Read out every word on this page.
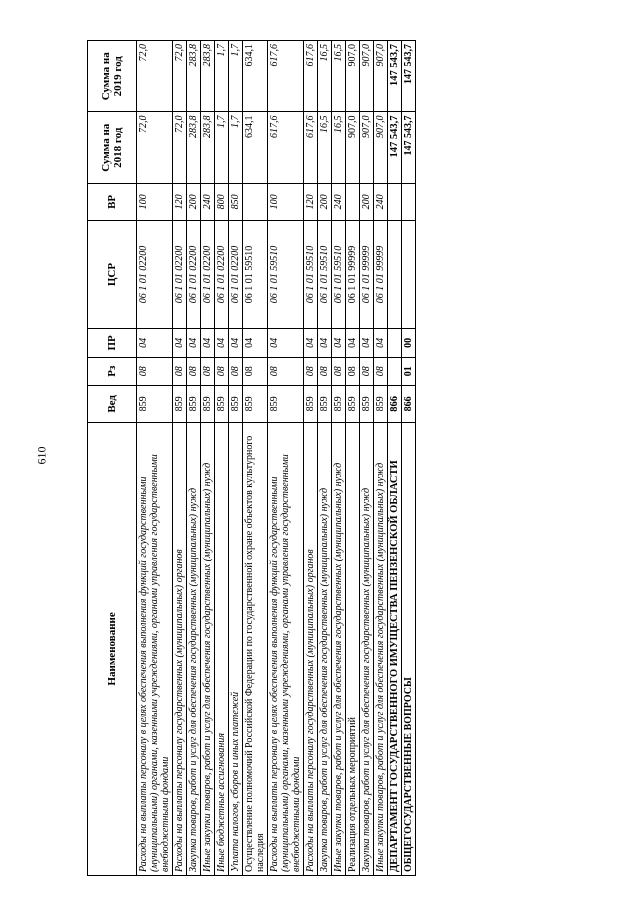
610
Наименование	Вед	Рз	ПР	ЦСР	ВР	Сумма на 2018 год	Сумма на 2019 год
Расходы на выплаты персоналу в целях обеспечения выполнения функций государственными (муниципальными) органами, казенными учреждениями, органами управления государственными внебюджетными фондами	859	08	04	06 1 01 02200	100	72,0	72,0
Расходы на выплаты персоналу государственных (муниципальных) органов	859	08	04	06 1 01 02200	120	72,0	72,0
Закупка товаров, работ и услуг для обеспечения государственных (муниципальных) нужд	859	08	04	06 1 01 02200	200	283,8	283,8
Иные закупки товаров, работ и услуг для обеспечения государственных (муниципальных) нужд	859	08	04	06 1 01 02200	240	283,8	283,8
Иные бюджетные ассигнования	859	08	04	06 1 01 02200	800	1,7	1,7
Уплата налогов, сборов и иных платежей	859	08	04	06 1 01 02200	850	1,7	1,7
Осуществление полномочий Российской Федерации по государственной охране объектов культурного наследия	859	08	04	06 1 01 59510		634,1	634,1
Расходы на выплаты персоналу в целях обеспечения выполнения функций государственными (муниципальными) органами, казенными учреждениями, органами управления государственными внебюджетными фондами	859	08	04	06 1 01 59510	100	617,6	617,6
Расходы на выплаты персоналу государственных (муниципальных) органов	859	08	04	06 1 01 59510	120	617,6	617,6
Закупка товаров, работ и услуг для обеспечения государственных (муниципальных) нужд	859	08	04	06 1 01 59510	200	16,5	16,5
Иные закупки товаров, работ и услуг для обеспечения государственных (муниципальных) нужд	859	08	04	06 1 01 59510	240	16,5	16,5
Реализация отдельных мероприятий	859	08	04	06 1 01 99999		907,0	907,0
Закупка товаров, работ и услуг для обеспечения государственных (муниципальных) нужд	859	08	04	06 1 01 99999	200	907,0	907,0
Иные закупки товаров, работ и услуг для обеспечения государственных (муниципальных) нужд	859	08	04	06 1 01 99999	240	907,0	907,0
ДЕПАРТАМЕНТ ГОСУДАРСТВЕННОГО ИМУЩЕСТВА ПЕНЗЕНСКОЙ ОБЛАСТИ	866					147 543,7	147 543,7
ОБЩЕГОСУДАРСТВЕННЫЕ ВОПРОСЫ	866	01	00			147 543,7	147 543,7
